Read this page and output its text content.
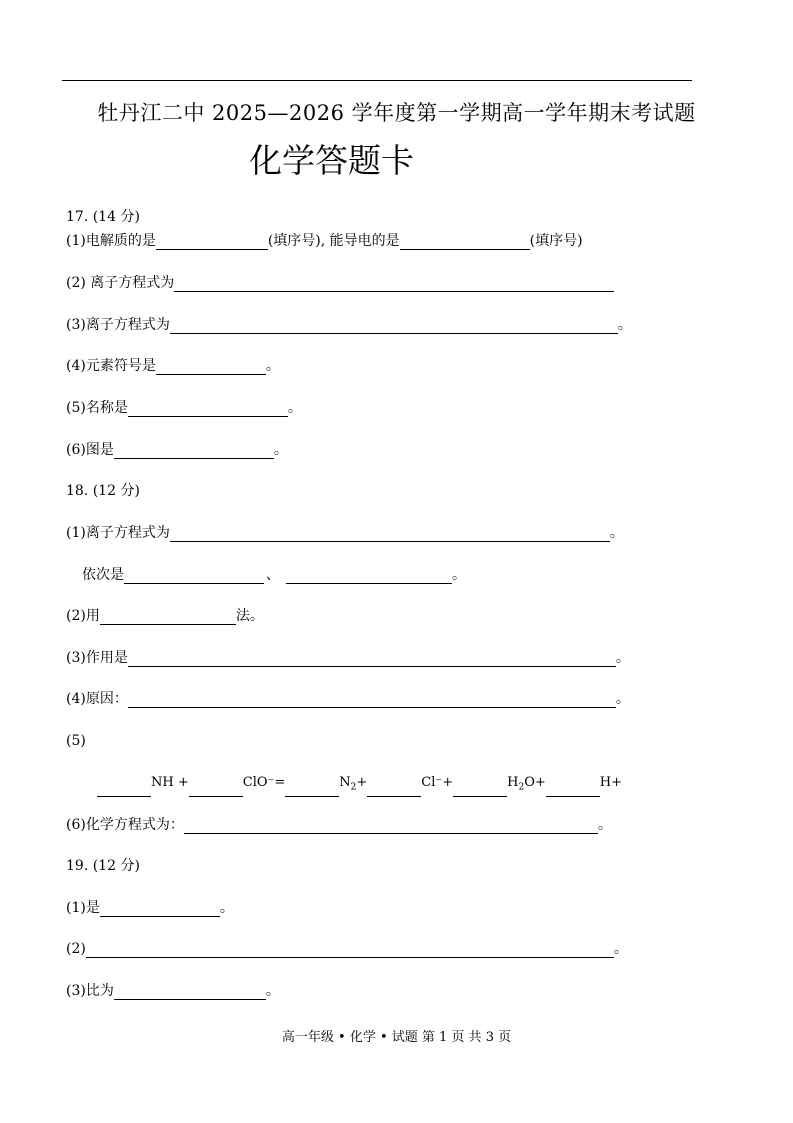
牡丹江二中 2025—2026 学年度第一学期高一学年期末考试题
化学答题卡
17. (14 分)
(1)电解质的是	(填序号), 能导电的是	(填序号)
(2) 离子方程式为
(3)离子方程式为	。
(4)元素符号是	。
(5)名称是	。
(6)图是	。
18. (12 分)
(1)离子方程式为	。
依次是	、	。
(2)用	法。
(3)作用是	。
(4)原因：	。
(5)
NH +	ClO⁻=	$N_2+$	Cl⁻+	$H_2O+$	H+
(6)化学方程式为：	。
19. (12 分)
(1)是	。
(2)	。
(3)比为	。
高一年级 • 化学 • 试题 第 1 页 共 3 页
